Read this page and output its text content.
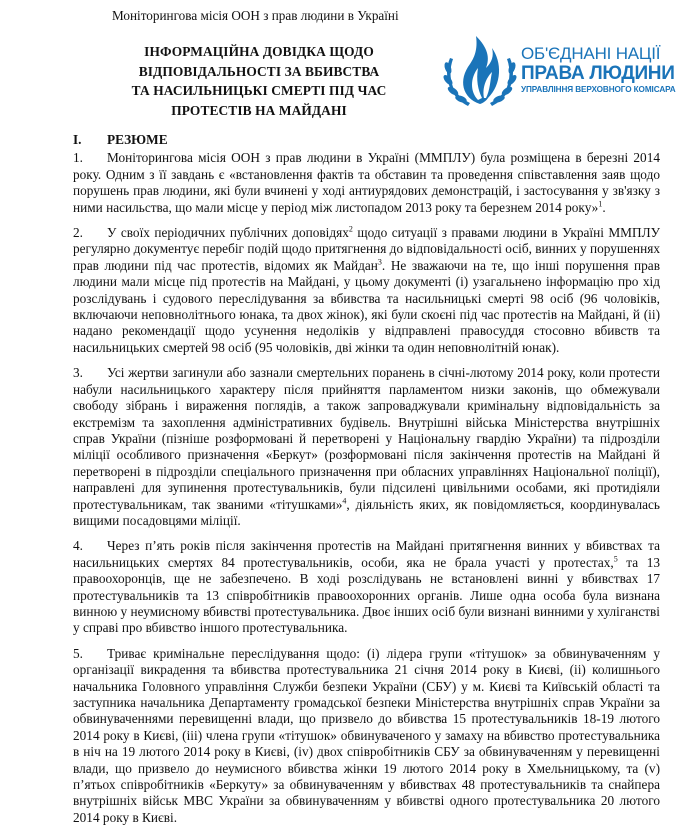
Моніторингова місія ООН з прав людини в Україні
ІНФОРМАЦІЙНА ДОВІДКА ЩОДО
ВІДПОВІДАЛЬНОСТІ ЗА ВБИВСТВА
ТА НАСИЛЬНИЦЬКІ СМЕРТІ ПІД ЧАС
ПРОТЕСТІВ НА МАЙДАНІ
ОБ'ЄДНАНІ НАЦІЇ
ПРАВА ЛЮДИНИ
УПРАВЛІННЯ ВЕРХОВНОГО КОМІСАРА
I. РЕЗЮМЕ

1. Моніторингова місія ООН з прав людини в Україні (ММПЛУ) була розміщена в березні 2014 року. Одним з її завдань є «встановлення фактів та обставин та проведення співставлення заяв щодо порушень прав людини, які були вчинені у ході антиурядових демонстрацій, і застосування у зв'язку з ними насильства, що мали місце у період між листопадом 2013 року та березнем 2014 року»$^1$.

2. У своїх періодичних публічних доповідях$^2$ щодо ситуації з правами людини в Україні ММПЛУ регулярно документує перебіг подій щодо притягнення до відповідальності осіб, винних у порушеннях прав людини під час протестів, відомих як Майдан$^3$. Не зважаючи на те, що інші порушення прав людини мали місце під протестів на Майдані, у цьому документі (i) узагальнено інформацію про хід розслідувань і судового переслідування за вбивства та насильницькі смерті 98 осіб (96 чоловіків, включаючи неповнолітнього юнака, та двох жінок), які були скоєні під час протестів на Майдані, й (ii) надано рекомендації щодо усунення недоліків у відправлені правосуддя стосовно вбивств та насильницьких смертей 98 осіб (95 чоловіків, дві жінки та один неповнолітній юнак).

3. Усі жертви загинули або зазнали смертельних поранень в січні-лютому 2014 року, коли протести набули насильницького характеру після прийняття парламентом низки законів, що обмежували свободу зібрань і вираження поглядів, а також запроваджували кримінальну відповідальність за екстремізм та захоплення адміністративних будівель. Внутрішні війська Міністерства внутрішніх справ України (пізніше розформовані й перетворені у Національну гвардію України) та підрозділи міліції особливого призначення «Беркут» (розформовані після закінчення протестів на Майдані й перетворені в підрозділи спеціального призначення при обласних управліннях Національної поліції), направлені для зупинення протестувальників, були підсилені цивільними особами, які протидіяли протестувальникам, так званими «тітушками»$^4$, діяльність яких, як повідомляється, координувалась вищими посадовцями міліції.

4. Через п’ять років після закінчення протестів на Майдані притягнення винних у вбивствах та насильницьких смертях 84 протестувальників, особи, яка не брала участі у протестах,$^5$ та 13 правоохоронців, ще не забезпечено. В ході розслідувань не встановлені винні у вбивствах 17 протестувальників та 13 співробітників правоохоронних органів. Лише одна особа була визнана винною у неумисному вбивстві протестувальника. Двоє інших осіб були визнані винними у хуліганстві у справі про вбивство іншого протестувальника.

5. Триває кримінальне переслідування щодо: (i) лідера групи «тітушок» за обвинуваченням у організації викрадення та вбивства протестувальника 21 січня 2014 року в Києві, (ii) колишнього начальника Головного управління Служби безпеки України (СБУ) у м. Києві та Київській області та заступника начальника Департаменту громадської безпеки Міністерства внутрішніх справ України за обвинуваченнями перевищенні влади, що призвело до вбивства 15 протестувальників 18-19 лютого 2014 року в Києві, (iii) члена групи «тітушок» обвинуваченого у замаху на вбивство протестувальника в ніч на 19 лютого 2014 року в Києві, (iv) двох співробітників СБУ за обвинуваченням у перевищенні влади, що призвело до неумисного вбивства жінки 19 лютого 2014 року в Хмельницькому, та (v) п’ятьох співробітників «Беркуту» за обвинуваченням у вбивствах 48 протестувальників та снайпера внутрішніх військ МВС України за обвинуваченням у вбивстві одного протестувальника 20 лютого 2014 року в Києві.
